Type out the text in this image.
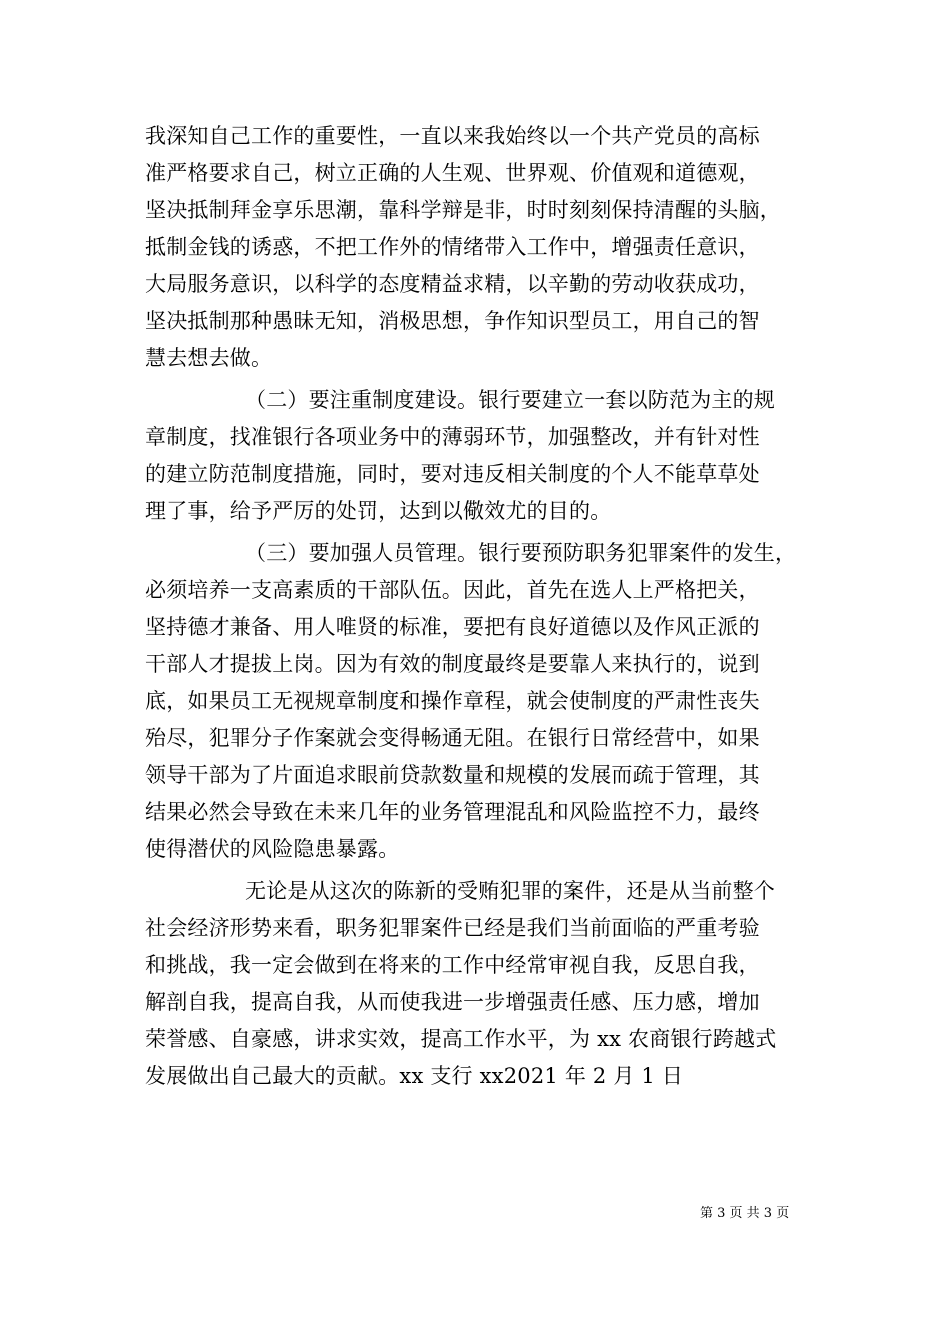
我深知自己工作的重要性，一直以来我始终以一个共产党员的高标
准严格要求自己，树立正确的人生观、世界观、价值观和道德观，
坚决抵制拜金享乐思潮，靠科学辩是非，时时刻刻保持清醒的头脑，
抵制金钱的诱惑，不把工作外的情绪带入工作中，增强责任意识，
大局服务意识，以科学的态度精益求精，以辛勤的劳动收获成功，
坚决抵制那种愚昧无知，消极思想，争作知识型员工，用自己的智
慧去想去做。
（二）要注重制度建设。银行要建立一套以防范为主的规
章制度，找准银行各项业务中的薄弱环节，加强整改，并有针对性
的建立防范制度措施，同时，要对违反相关制度的个人不能草草处
理了事，给予严厉的处罚，达到以儆效尤的目的。
（三）要加强人员管理。银行要预防职务犯罪案件的发生，
必须培养一支高素质的干部队伍。因此，首先在选人上严格把关，
坚持德才兼备、用人唯贤的标准，要把有良好道德以及作风正派的
干部人才提拔上岗。因为有效的制度最终是要靠人来执行的，说到
底，如果员工无视规章制度和操作章程，就会使制度的严肃性丧失
殆尽，犯罪分子作案就会变得畅通无阻。在银行日常经营中，如果
领导干部为了片面追求眼前贷款数量和规模的发展而疏于管理，其
结果必然会导致在未来几年的业务管理混乱和风险监控不力，最终
使得潜伏的风险隐患暴露。
无论是从这次的陈新的受贿犯罪的案件，还是从当前整个
社会经济形势来看，职务犯罪案件已经是我们当前面临的严重考验
和挑战，我一定会做到在将来的工作中经常审视自我，反思自我，
解剖自我，提高自我，从而使我进一步增强责任感、压力感，增加
荣誉感、自豪感，讲求实效，提高工作水平，为 xx 农商银行跨越式
发展做出自己最大的贡献。xx 支行 xx2021 年 2 月 1 日
第 3 页 共 3 页
